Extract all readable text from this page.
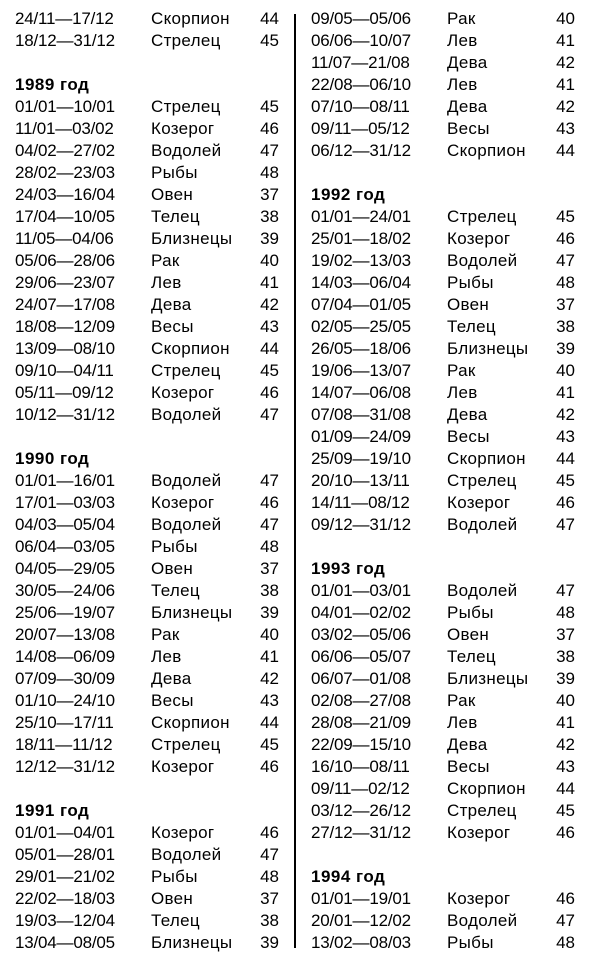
24/11—17/12 Скорпион 44
18/12—31/12 Стрелец 45
1989 год
01/01—10/01 Стрелец 45
11/01—03/02 Козерог	46
04/02—27/02 Водолей 47
28/02—23/03 Рыбы	48
24/03—16/04 Овен	37
17/04—10/05 Телец	38
11/05—04/06 Близнецы 39
05/06—28/06 Рак	40
29/06—23/07 Лев	41
24/07—17/08 Дева	42
18/08—12/09 Весы	43
13/09—08/10 Скорпион 44
09/10—04/11 Стрелец 45
05/11—09/12 Козерог	46
10/12—31/12 Водолей 47
1990 год
01/01—16/01 Водолей 47
17/01—03/03 Козерог	46
04/03—05/04 Водолей 47
06/04—03/05 Рыбы	48
04/05—29/05 Овен	37
30/05—24/06 Телец	38
25/06—19/07 Близнецы 39
20/07—13/08 Рак	40
14/08—06/09 Лев	41
07/09—30/09 Дева	42
01/10—24/10 Весы	43
25/10—17/11 Скорпион 44
18/11—11/12 Стрелец 45
12/12—31/12 Козерог	46
1991 год
01/01—04/01 Козерог	46
05/01—28/01 Водолей 47
29/01—21/02 Рыбы	48
22/02—18/03 Овен	37
19/03—12/04 Телец	38
13/04—08/05 Близнецы 39
09/05—05/06 Рак	40
06/06—10/07 Лев	41
11/07—21/08 Дева	42
22/08—06/10 Лев	41
07/10—08/11 Дева	42
09/11—05/12 Весы	43
06/12—31/12 Скорпион 44
1992 год
01/01—24/01 Стрелец 45
25/01—18/02 Козерог	46
19/02—13/03 Водолей 47
14/03—06/04 Рыбы	48
07/04—01/05 Овен	37
02/05—25/05 Телец	38
26/05—18/06 Близнецы 39
19/06—13/07 Рак	40
14/07—06/08 Лев	41
07/08—31/08 Дева	42
01/09—24/09 Весы	43
25/09—19/10 Скорпион 44
20/10—13/11 Стрелец 45
14/11—08/12 Козерог	46
09/12—31/12 Водолей 47
1993 год
01/01—03/01 Водолей 47
04/01—02/02 Рыбы	48
03/02—05/06 Овен	37
06/06—05/07 Телец	38
06/07—01/08 Близнецы 39
02/08—27/08 Рак	40
28/08—21/09 Лев	41
22/09—15/10 Дева	42
16/10—08/11 Весы	43
09/11—02/12 Скорпион 44
03/12—26/12 Стрелец 45
27/12—31/12 Козерог	46
1994 год
01/01—19/01 Козерог	46
20/01—12/02 Водолей 47
13/02—08/03 Рыбы	48
